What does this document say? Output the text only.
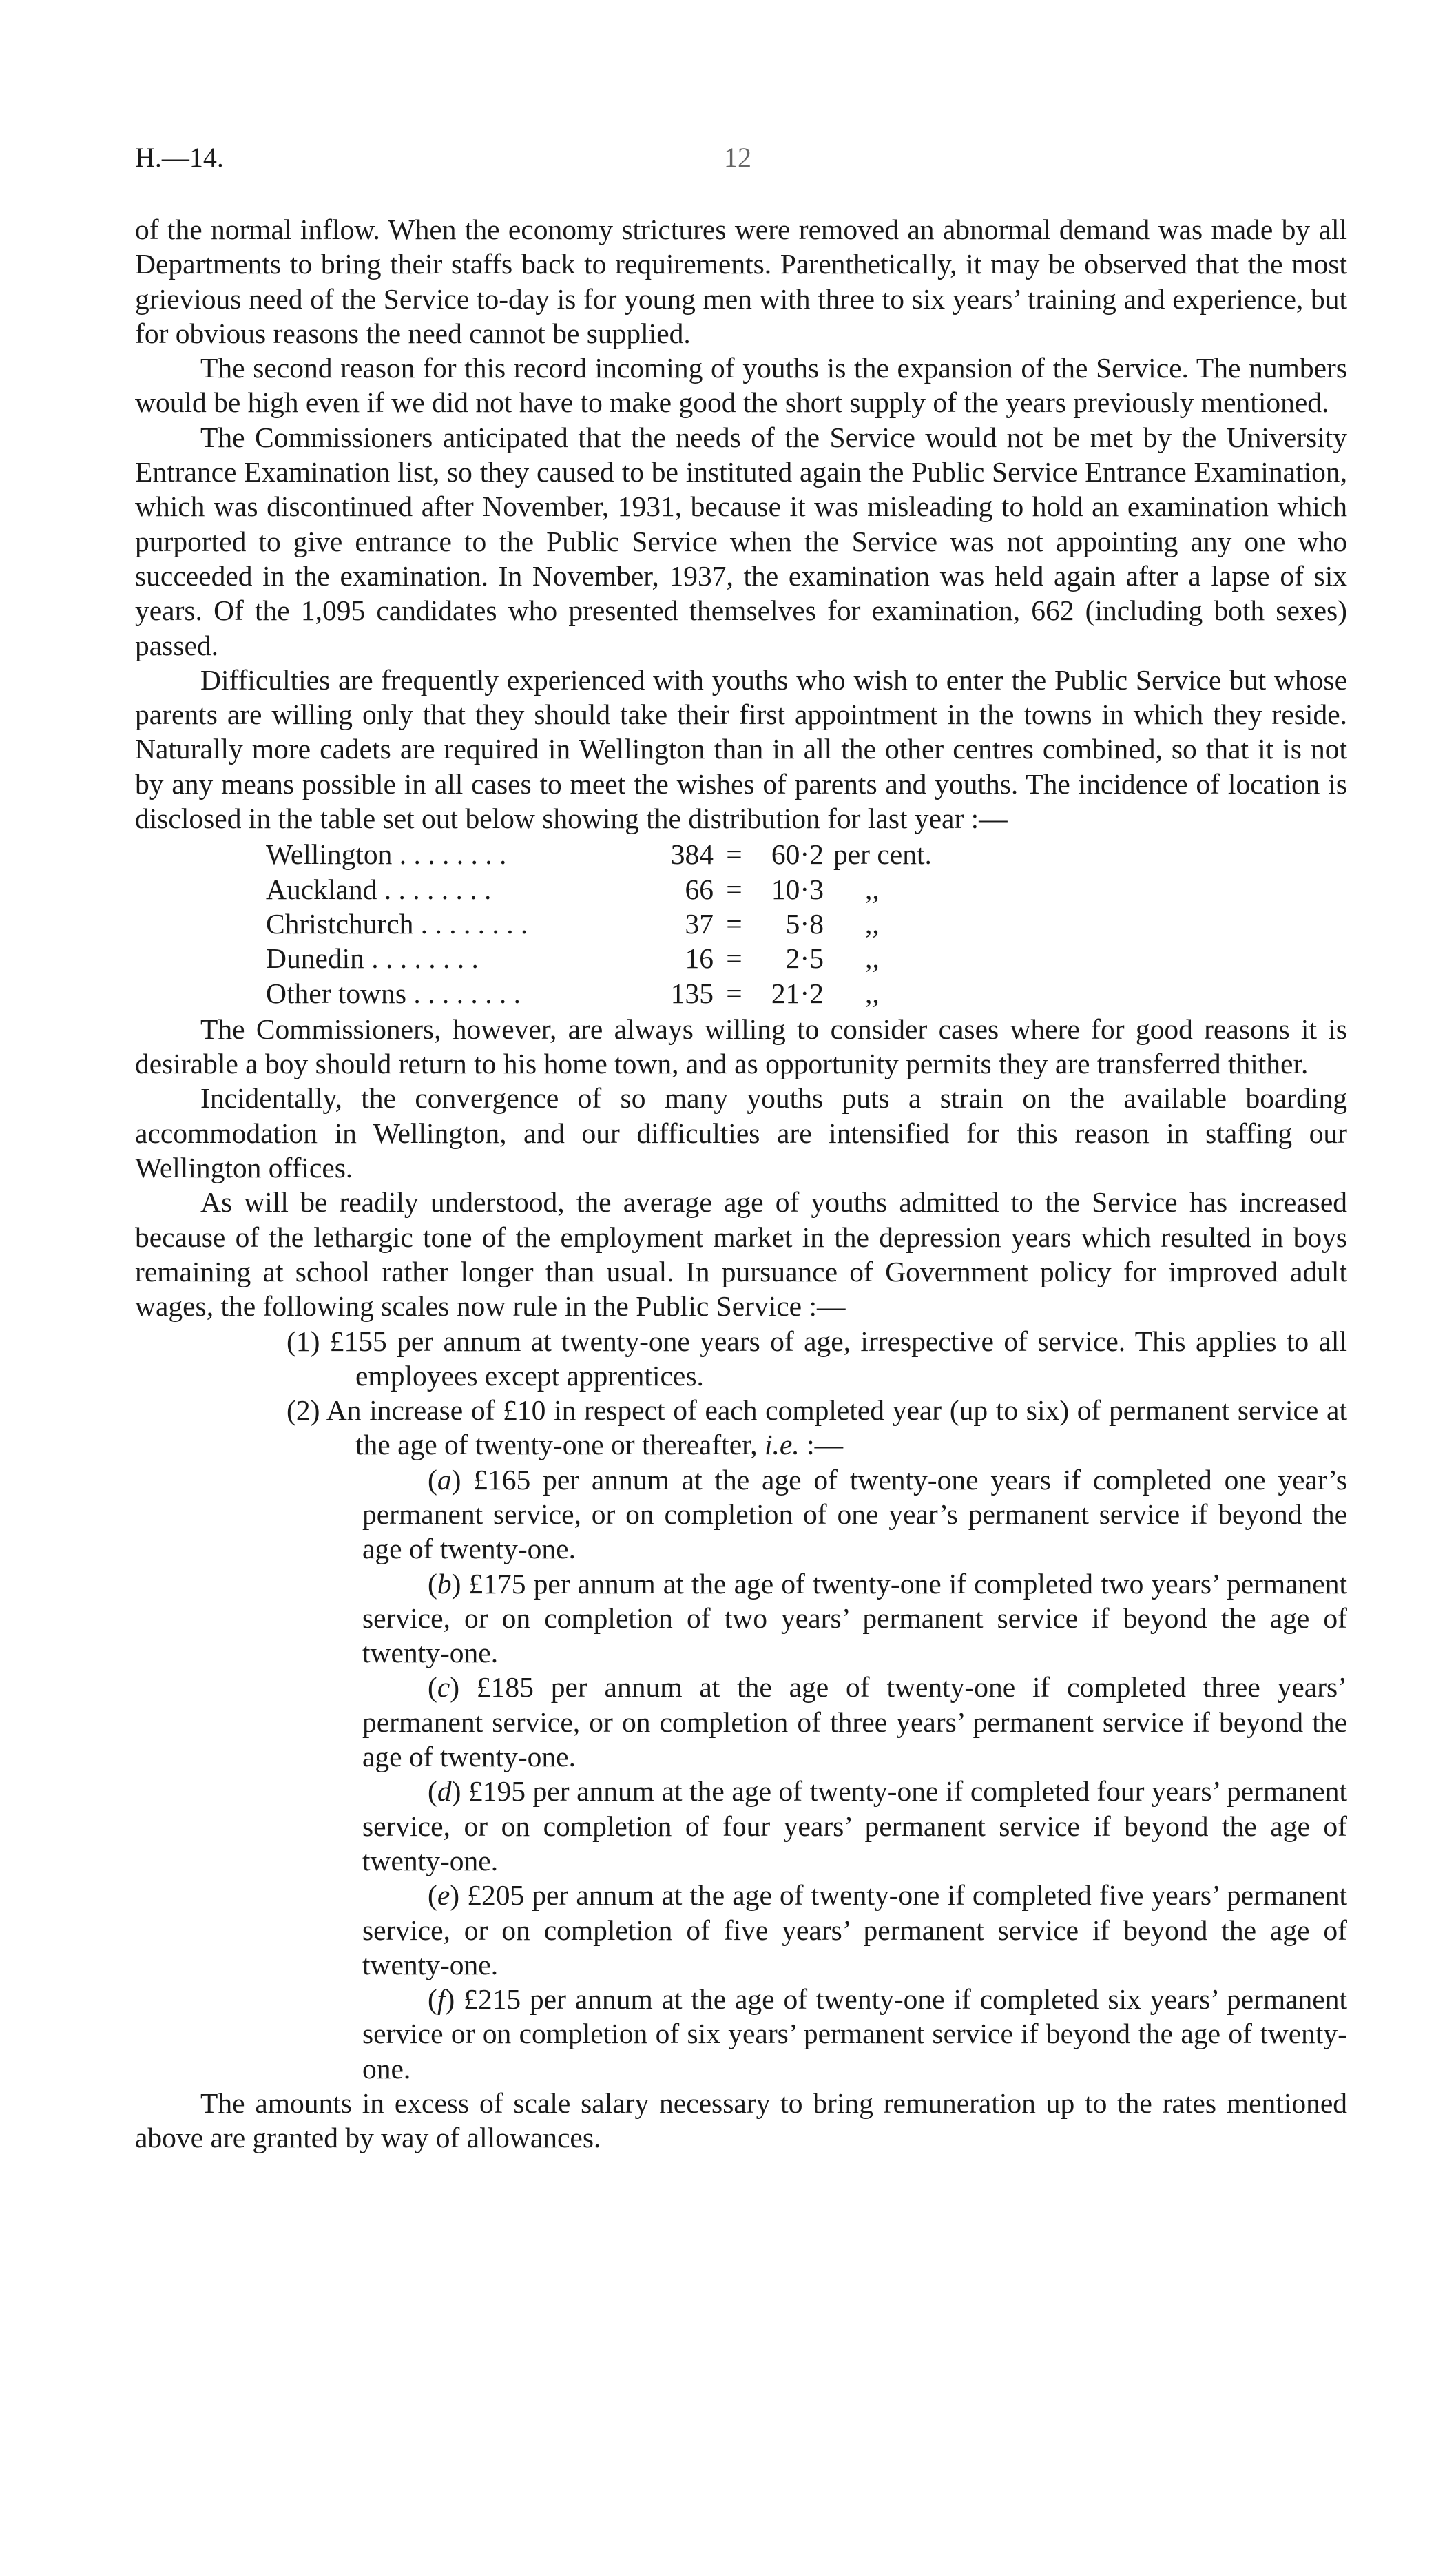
H.—14.	12

of the normal inflow. When the economy strictures were removed an abnormal demand was made by all Departments to bring their staffs back to requirements. Parenthetically, it may be observed that the most grievious need of the Service to-day is for young men with three to six years’ training and experience, but for obvious reasons the need cannot be supplied.

The second reason for this record incoming of youths is the expansion of the Service. The numbers would be high even if we did not have to make good the short supply of the years previously mentioned.

The Commissioners anticipated that the needs of the Service would not be met by the University Entrance Examination list, so they caused to be instituted again the Public Service Entrance Examination, which was discontinued after November, 1931, because it was misleading to hold an examination which purported to give entrance to the Public Service when the Service was not appointing any one who succeeded in the examination. In November, 1937, the examination was held again after a lapse of six years. Of the 1,095 candidates who presented themselves for examination, 662 (including both sexes) passed.

Difficulties are frequently experienced with youths who wish to enter the Public Service but whose parents are willing only that they should take their first appointment in the towns in which they reside. Naturally more cadets are required in Wellington than in all the other centres combined, so that it is not by any means possible in all cases to meet the wishes of parents and youths. The incidence of location is disclosed in the table set out below showing the distribution for last year :—

Wellington . . . . . . . .	384	=	60·2	per cent.
Auckland . . . . . . . .	66	=	10·3	,,
Christchurch . . . . . . . .	37	=	5·8	,,
Dunedin . . . . . . . .	16	=	2·5	,,
Other towns . . . . . . . .	135	=	21·2	,,

The Commissioners, however, are always willing to consider cases where for good reasons it is desirable a boy should return to his home town, and as opportunity permits they are transferred thither.

Incidentally, the convergence of so many youths puts a strain on the available boarding accommodation in Wellington, and our difficulties are intensified for this reason in staffing our Wellington offices.

As will be readily understood, the average age of youths admitted to the Service has increased because of the lethargic tone of the employment market in the depression years which resulted in boys remaining at school rather longer than usual. In pursuance of Government policy for improved adult wages, the following scales now rule in the Public Service :—

(1) £155 per annum at twenty-one years of age, irrespective of service. This applies to all employees except apprentices.
(2) An increase of £10 in respect of each completed year (up to six) of permanent service at the age of twenty-one or thereafter, i.e. :—
(a) £165 per annum at the age of twenty-one years if completed one year’s permanent service, or on completion of one year’s permanent service if beyond the age of twenty-one.
(b) £175 per annum at the age of twenty-one if completed two years’ permanent service, or on completion of two years’ permanent service if beyond the age of twenty-one.
(c) £185 per annum at the age of twenty-one if completed three years’ permanent service, or on completion of three years’ permanent service if beyond the age of twenty-one.
(d) £195 per annum at the age of twenty-one if completed four years’ permanent service, or on completion of four years’ permanent service if beyond the age of twenty-one.
(e) £205 per annum at the age of twenty-one if completed five years’ permanent service, or on completion of five years’ permanent service if beyond the age of twenty-one.
(f) £215 per annum at the age of twenty-one if completed six years’ permanent service or on completion of six years’ permanent service if beyond the age of twenty-one.

The amounts in excess of scale salary necessary to bring remuneration up to the rates mentioned above are granted by way of allowances.
